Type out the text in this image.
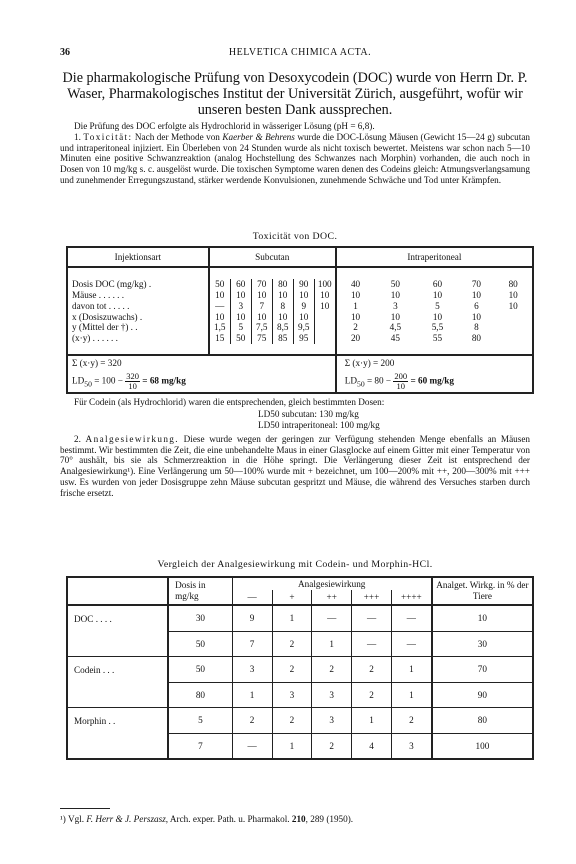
36	HELVETICA CHIMICA ACTA.
Die pharmakologische Prüfung von Desoxycodein (DOC) wurde von Herrn Dr. P. Waser, Pharmakologisches Institut der Universität Zürich, ausgeführt, wofür wir unseren besten Dank aussprechen.
Die Prüfung des DOC erfolgte als Hydrochlorid in wässeriger Lösung (pH = 6,8).
1. Toxicität: Nach der Methode von Kaerber & Behrens wurde die DOC-Lösung Mäusen (Gewicht 15—24 g) subcutan und intraperitoneal injiziert. Ein Überleben von 24 Stunden wurde als nicht toxisch bewertet. Meistens war schon nach 5—10 Minuten eine positive Schwanzreaktion (analog Hochstellung des Schwanzes nach Morphin) vorhanden, die auch noch in Dosen von 10 mg/kg s. c. ausgelöst wurde. Die toxischen Symptome waren denen des Codeins gleich: Atmungsverlangsamung und zunehmender Erregungszustand, stärker werdende Konvulsionen, zunehmende Schwäche und Tod unter Krämpfen.
Toxicität von DOC.
Injektionsart	Subcutan						Intraperitoneal				

Dosis DOC (mg/kg) .	50	60	70	80	90	100	40	50	60	70	80
Mäuse . . . . . .	10	10	10	10	10	10	10	10	10	10	10
davon tot . . . . .	—	3	7	8	9	10	1	3	5	6	10
x (Dosiszuwachs) .	10	10	10	10	10		10	10	10	10	
y (Mittel der †) . .	1,5	5	7,5	8,5	9,5		2	4,5	5,5	8	
(x·y) . . . . . .	15	50	75	85	95		20	45	55	80	

Σ (x·y) = 320							Σ (x·y) = 200				
$LD_{50} = 100 - \frac{320}{10} = 68$ mg/kg							$LD_{50} = 80 - \frac{200}{10} = 60$ mg/kg				
Für Codein (als Hydrochlorid) waren die entsprechenden, gleich bestimmten Dosen:
LD50 subcutan: 130 mg/kg
LD50 intraperitoneal: 100 mg/kg
2. Analgesiewirkung. Diese wurde wegen der geringen zur Verfügung stehenden Menge ebenfalls an Mäusen bestimmt. Wir bestimmten die Zeit, die eine unbehandelte Maus in einer Glasglocke auf einem Gitter mit einer Temperatur von 70° aushält, bis sie als Schmerzreaktion in die Höhe springt. Die Verlängerung dieser Zeit ist entsprechend der Analgesiewirkung¹). Eine Verlängerung um 50—100% wurde mit + bezeichnet, um 100—200% mit ++, 200—300% mit +++ usw. Es wurden von jeder Dosisgruppe zehn Mäuse subcutan gespritzt und Mäuse, die während des Versuches starben durch frische ersetzt.
Vergleich der Analgesiewirkung mit Codein- und Morphin-HCl.
	Dosis in mg/kg	Analgesiewirkung					Analget. Wirkg. in % der Tiere
		—	+	++	+++	++++	
DOC . . . .	30	9	1	—	—	—	10
	50	7	2	1	—	—	30
Codein . . .	50	3	2	2	2	1	70
	80	1	3	3	2	1	90
Morphin . .	5	2	2	3	1	2	80
	7	—	1	2	4	3	100
¹) Vgl. F. Herr & J. Perszasz, Arch. exper. Path. u. Pharmakol. 210, 289 (1950).
